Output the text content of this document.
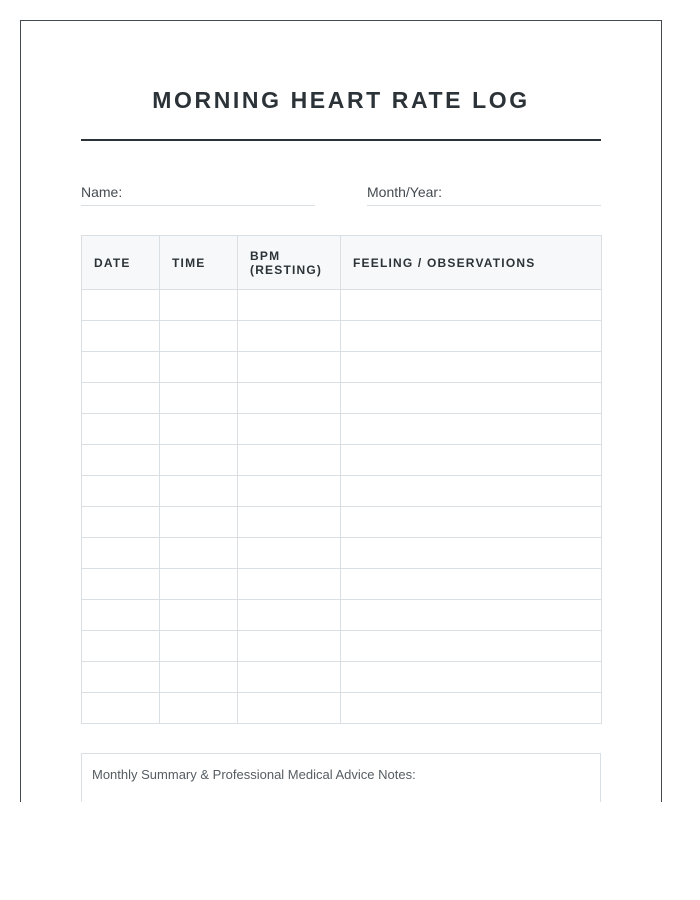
MORNING HEART RATE LOG
Name:	Month/Year:
DATE	TIME	BPM (RESTING)	FEELING / OBSERVATIONS

Monthly Summary & Professional Medical Advice Notes:
